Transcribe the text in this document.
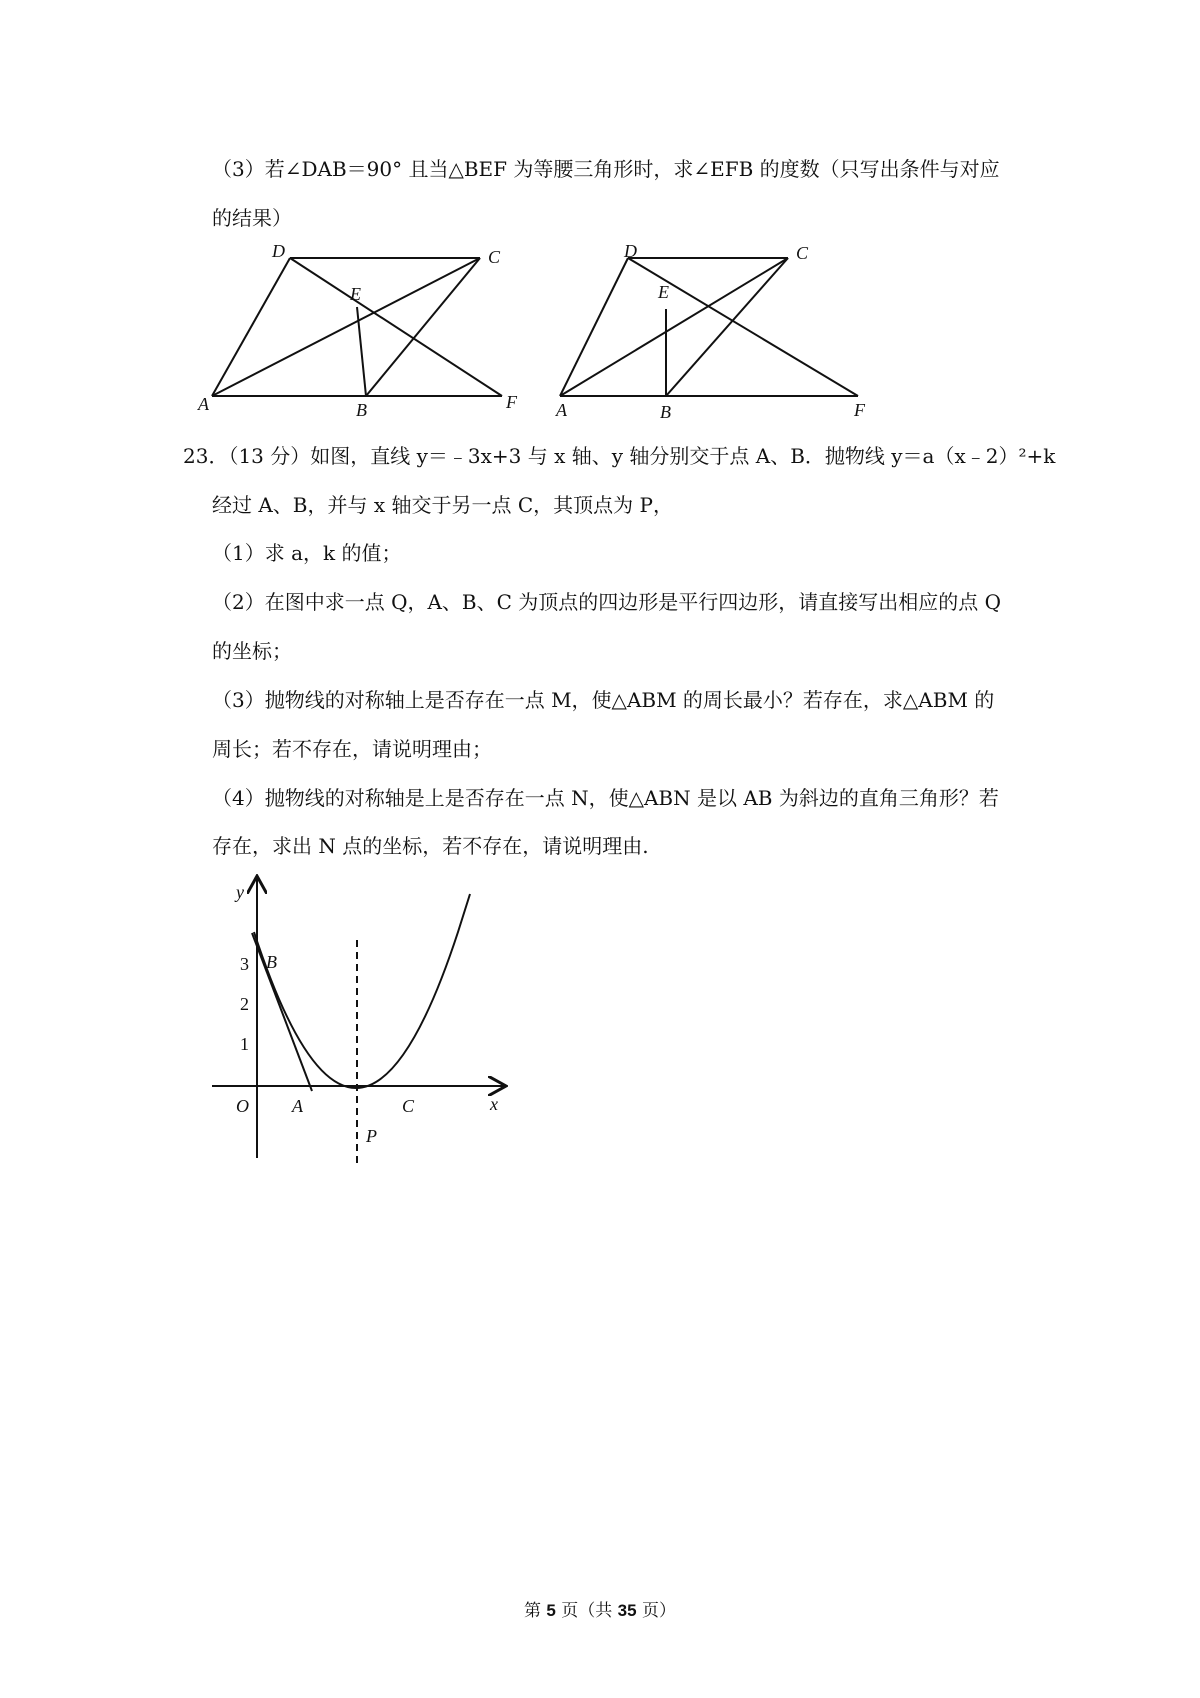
（3）若∠DAB＝90° 且当△BEF 为等腰三角形时，求∠EFB 的度数（只写出条件与对应
的结果）
D	C
E
A	B	F
D	C
E
A	B	F
23．（13 分）如图，直线 y＝﹣3x+3 与 x 轴、y 轴分别交于点 A、B．抛物线 y＝a（x﹣2）²+k
经过 A、B，并与 x 轴交于另一点 C，其顶点为 P，
（1）求 a，k 的值；
（2）在图中求一点 Q，A、B、C 为顶点的四边形是平行四边形，请直接写出相应的点 Q
的坐标；
（3）抛物线的对称轴上是否存在一点 M，使△ABM 的周长最小？若存在，求△ABM 的
周长；若不存在，请说明理由；
（4）抛物线的对称轴是上是否存在一点 N，使△ABN 是以 AB 为斜边的直角三角形？若
存在，求出 N 点的坐标，若不存在，请说明理由.
y
x
O
1
2
3 B
A	C
P
第 5 页（共 35 页）
